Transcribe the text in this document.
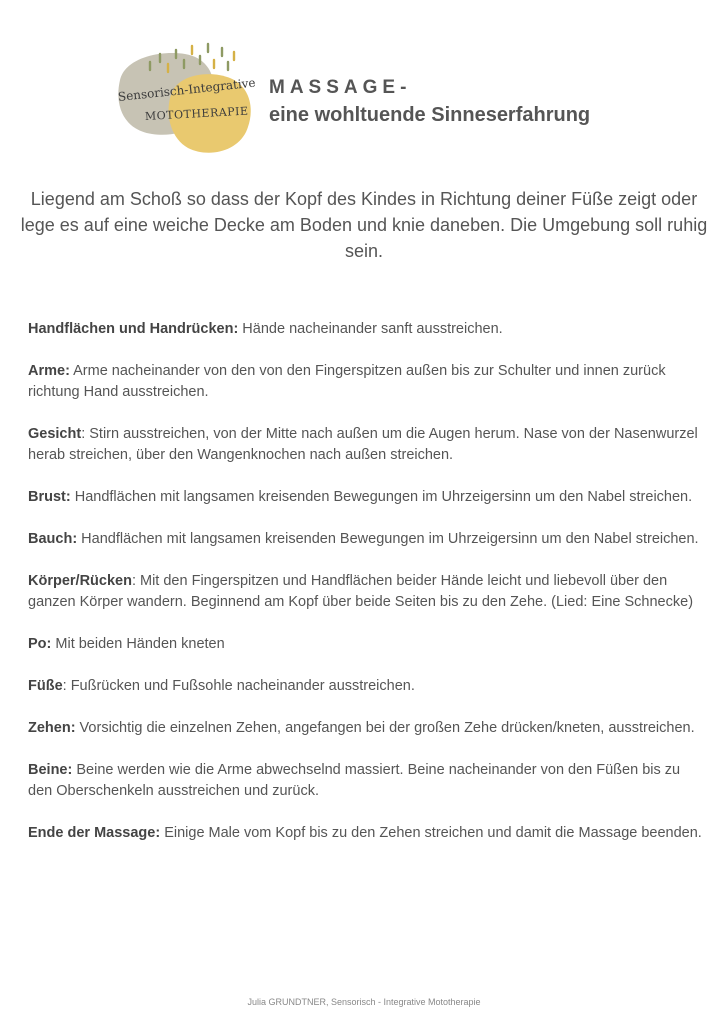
Sensorisch-Integrative
MOTOTHERAPIE
MASSAGE-
eine wohltuende Sinneserfahrung
Liegend am Schoß so dass der Kopf des Kindes in Richtung deiner Füße zeigt oder lege es auf eine weiche Decke am Boden und knie daneben. Die Umgebung soll ruhig sein.

Handflächen und Handrücken: Hände nacheinander sanft ausstreichen.

Arme: Arme nacheinander von den von den Fingerspitzen außen bis zur Schulter und innen zurück richtung Hand ausstreichen.

Gesicht: Stirn ausstreichen, von der Mitte nach außen um die Augen herum. Nase von der Nasenwurzel herab streichen, über den Wangenknochen nach außen streichen.

Brust: Handflächen mit langsamen kreisenden Bewegungen im Uhrzeigersinn um den Nabel streichen.

Bauch: Handflächen mit langsamen kreisenden Bewegungen im Uhrzeigersinn um den Nabel streichen.

Körper/Rücken: Mit den Fingerspitzen und Handflächen beider Hände leicht und liebevoll über den ganzen Körper wandern. Beginnend am Kopf über beide Seiten bis zu den Zehe. (Lied: Eine Schnecke)

Po: Mit beiden Händen kneten

Füße: Fußrücken und Fußsohle nacheinander ausstreichen.

Zehen: Vorsichtig die einzelnen Zehen, angefangen bei der großen Zehe drücken/kneten, ausstreichen.

Beine: Beine werden wie die Arme abwechselnd massiert. Beine nacheinander von den Füßen bis zu den Oberschenkeln ausstreichen und zurück.

Ende der Massage: Einige Male vom Kopf bis zu den Zehen streichen und damit die Massage beenden.

Julia GRUNDTNER, Sensorisch - Integrative Mototherapie
